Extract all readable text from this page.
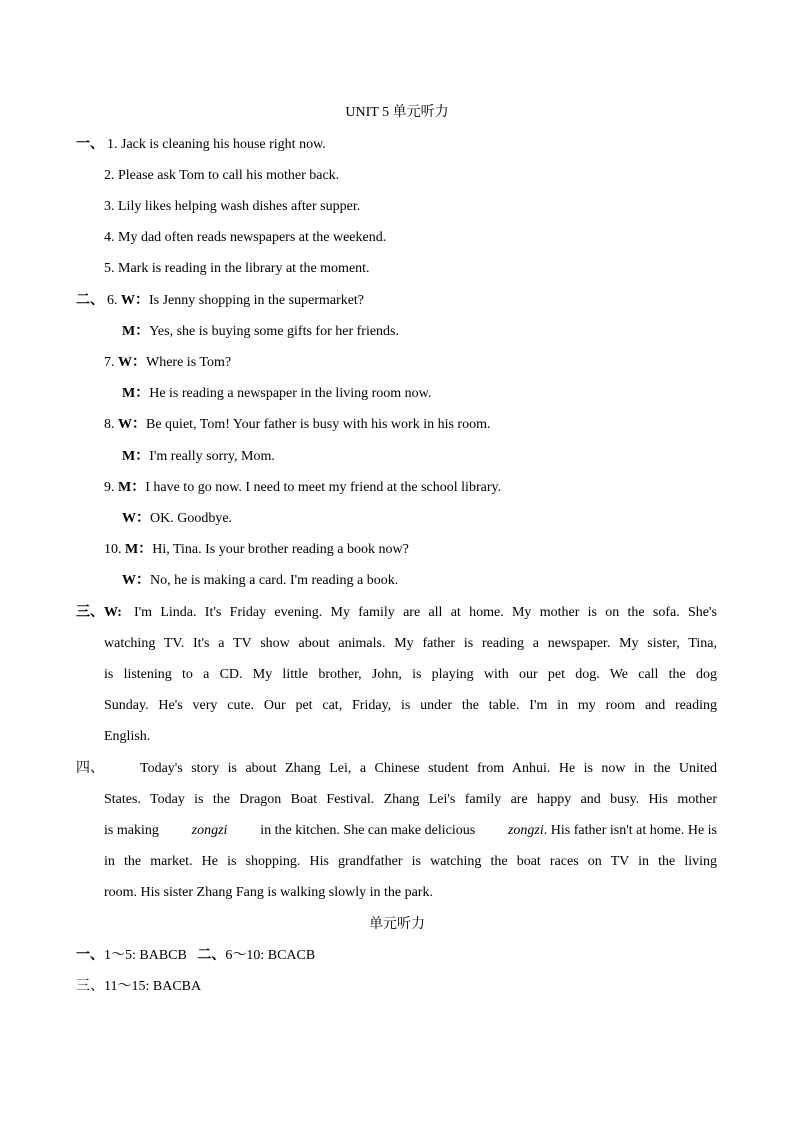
UNIT 5 单元听力
一、 1. Jack is cleaning his house right now.
2. Please ask Tom to call his mother back.
3. Lily likes helping wash dishes after supper.
4. My dad often reads newspapers at the weekend.
5. Mark is reading in the library at the moment.
二、 6. W：Is Jenny shopping in the supermarket?
M：Yes, she is buying some gifts for her friends.
7. W：Where is Tom?
M：He is reading a newspaper in the living room now.
8. W：Be quiet, Tom! Your father is busy with his work in his room.
M：I'm really sorry, Mom.
9. M：I have to go now. I need to meet my friend at the school library.
W：OK. Goodbye.
10. M：Hi, Tina. Is your brother reading a book now?
W：No, he is making a card. I'm reading a book.
三、 W: I'm Linda. It's Friday evening. My family are all at home. My mother is on the sofa. She's
watching TV. It's a TV show about animals. My father is reading a newspaper. My sister, Tina,
is listening to a CD. My little brother, John, is playing with our pet dog. We call the dog
Sunday. He's very cute. Our pet cat, Friday, is under the table. I'm in my room and reading
English.
四、	Today's story is about Zhang Lei, a Chinese student from Anhui. He is now in the United
States. Today is the Dragon Boat Festival. Zhang Lei's family are happy and busy. His mother
is making zongzi in the kitchen. She can make delicious zongzi. His father isn't at home. He is
in the market. He is shopping. His grandfather is watching the boat races on TV in the living
room. His sister Zhang Fang is walking slowly in the park.
单元听力
一、1～5: BABCB 二、6～10: BCACB
三、11～15: BACBA
